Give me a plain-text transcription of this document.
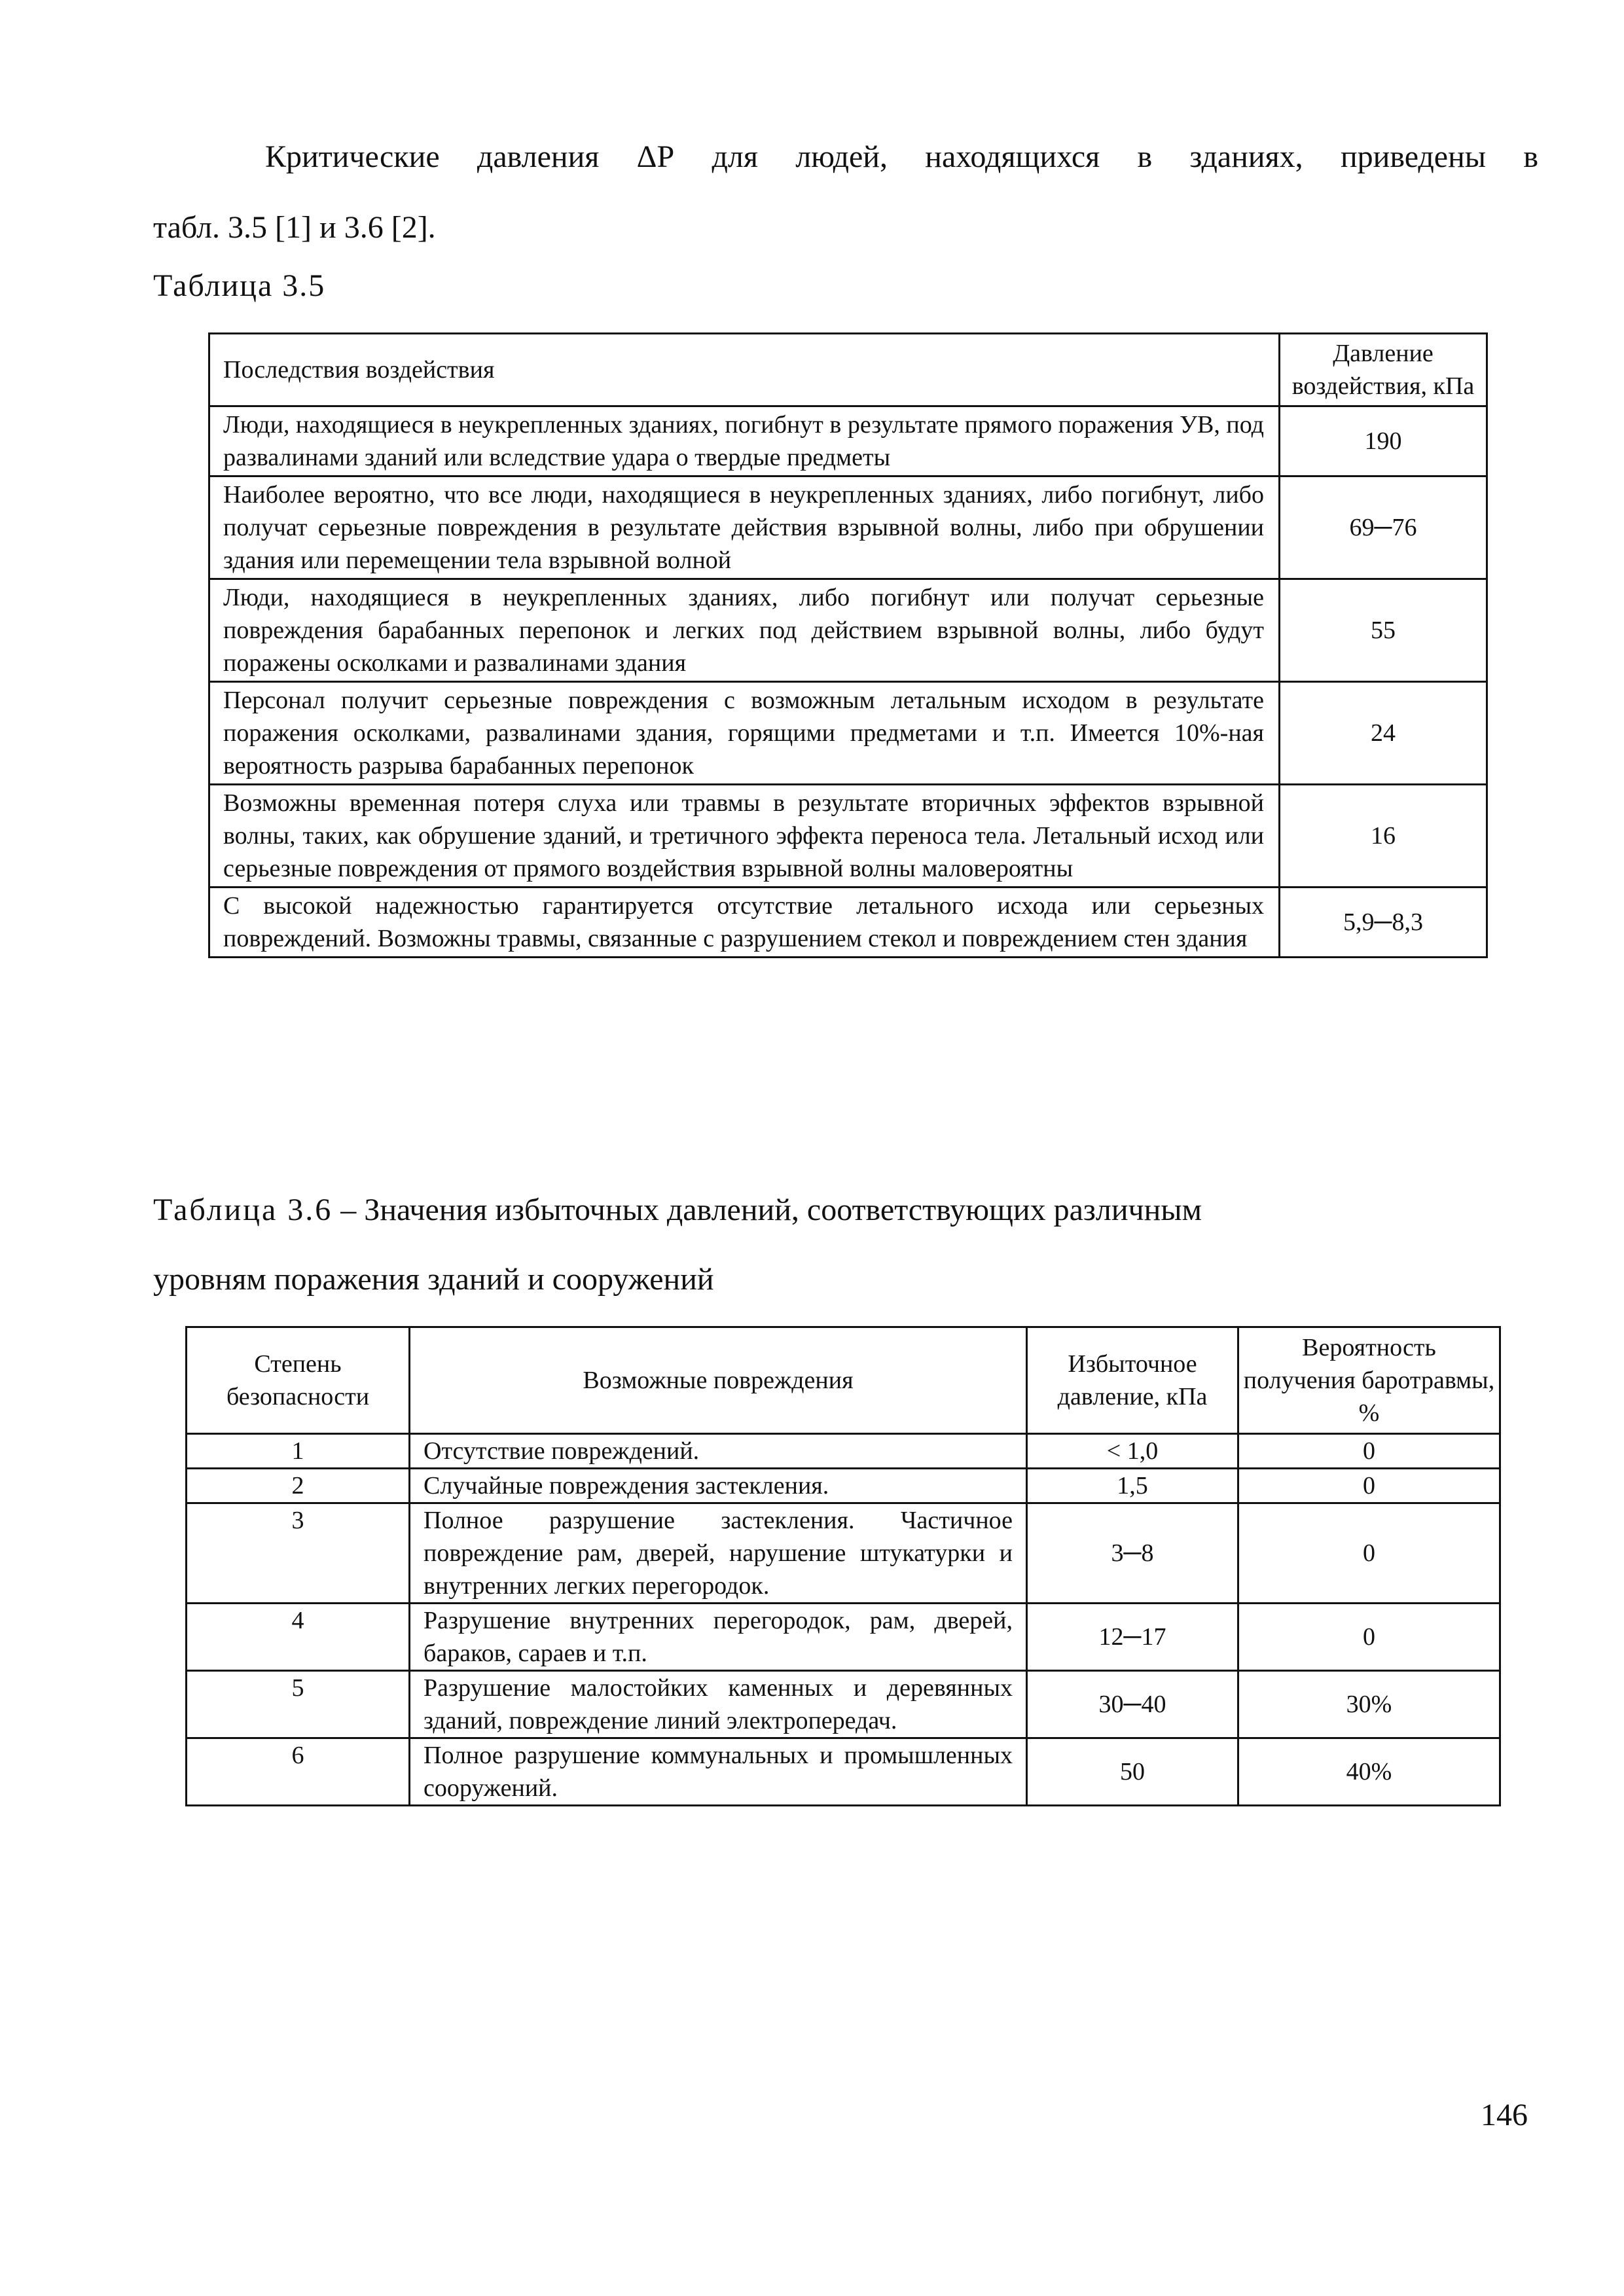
Критические давления ΔР для людей, находящихся в зданиях, приведены в
табл. 3.5 [1] и 3.6 [2].

Таблица 3.5

Последствия воздействия	Давление воздействия, кПа
Люди, находящиеся в неукрепленных зданиях, погибнут в результате прямого поражения УВ, под развалинами зданий или вследствие удара о твердые предметы	190
Наиболее вероятно, что все люди, находящиеся в неукрепленных зданиях, либо погибнут, либо получат серьезные повреждения в результате действия взрывной волны, либо при обрушении здания или перемещении тела взрывной волной	69─76
Люди, находящиеся в неукрепленных зданиях, либо погибнут или получат серьезные повреждения барабанных перепонок и легких под действием взрывной волны, либо будут поражены осколками и развалинами здания	55
Персонал получит серьезные повреждения с возможным летальным исходом в результате поражения осколками, развалинами здания, горящими предметами и т.п. Имеется 10%-ная вероятность разрыва барабанных перепонок	24
Возможны временная потеря слуха или травмы в результате вторичных эффектов взрывной волны, таких, как обрушение зданий, и третичного эффекта переноса тела. Летальный исход или серьезные повреждения от прямого воздействия взрывной волны маловероятны	16
С высокой надежностью гарантируется отсутствие летального исхода или серьезных повреждений. Возможны травмы, связанные с разрушением стекол и повреждением стен здания	5,9─8,3

Таблица 3.6 – Значения избыточных давлений, соответствующих различным

уровням поражения зданий и сооружений

Степень безопасности	Возможные повреждения	Избыточное давление, кПа	Вероятность получения баротравмы, %
1	Отсутствие повреждений.	< 1,0	0
2	Случайные повреждения застекления.	1,5	0
3	Полное разрушение застекления. Частичное повреждение рам, дверей, нарушение штукатурки и внутренних легких перегородок.	3─8	0
4	Разрушение внутренних перегородок, рам, дверей, бараков, сараев и т.п.	12─17	0
5	Разрушение малостойких каменных и деревянных зданий, повреждение линий электропередач.	30─40	30%
6	Полное разрушение коммунальных и промышленных сооружений.	50	40%

146
